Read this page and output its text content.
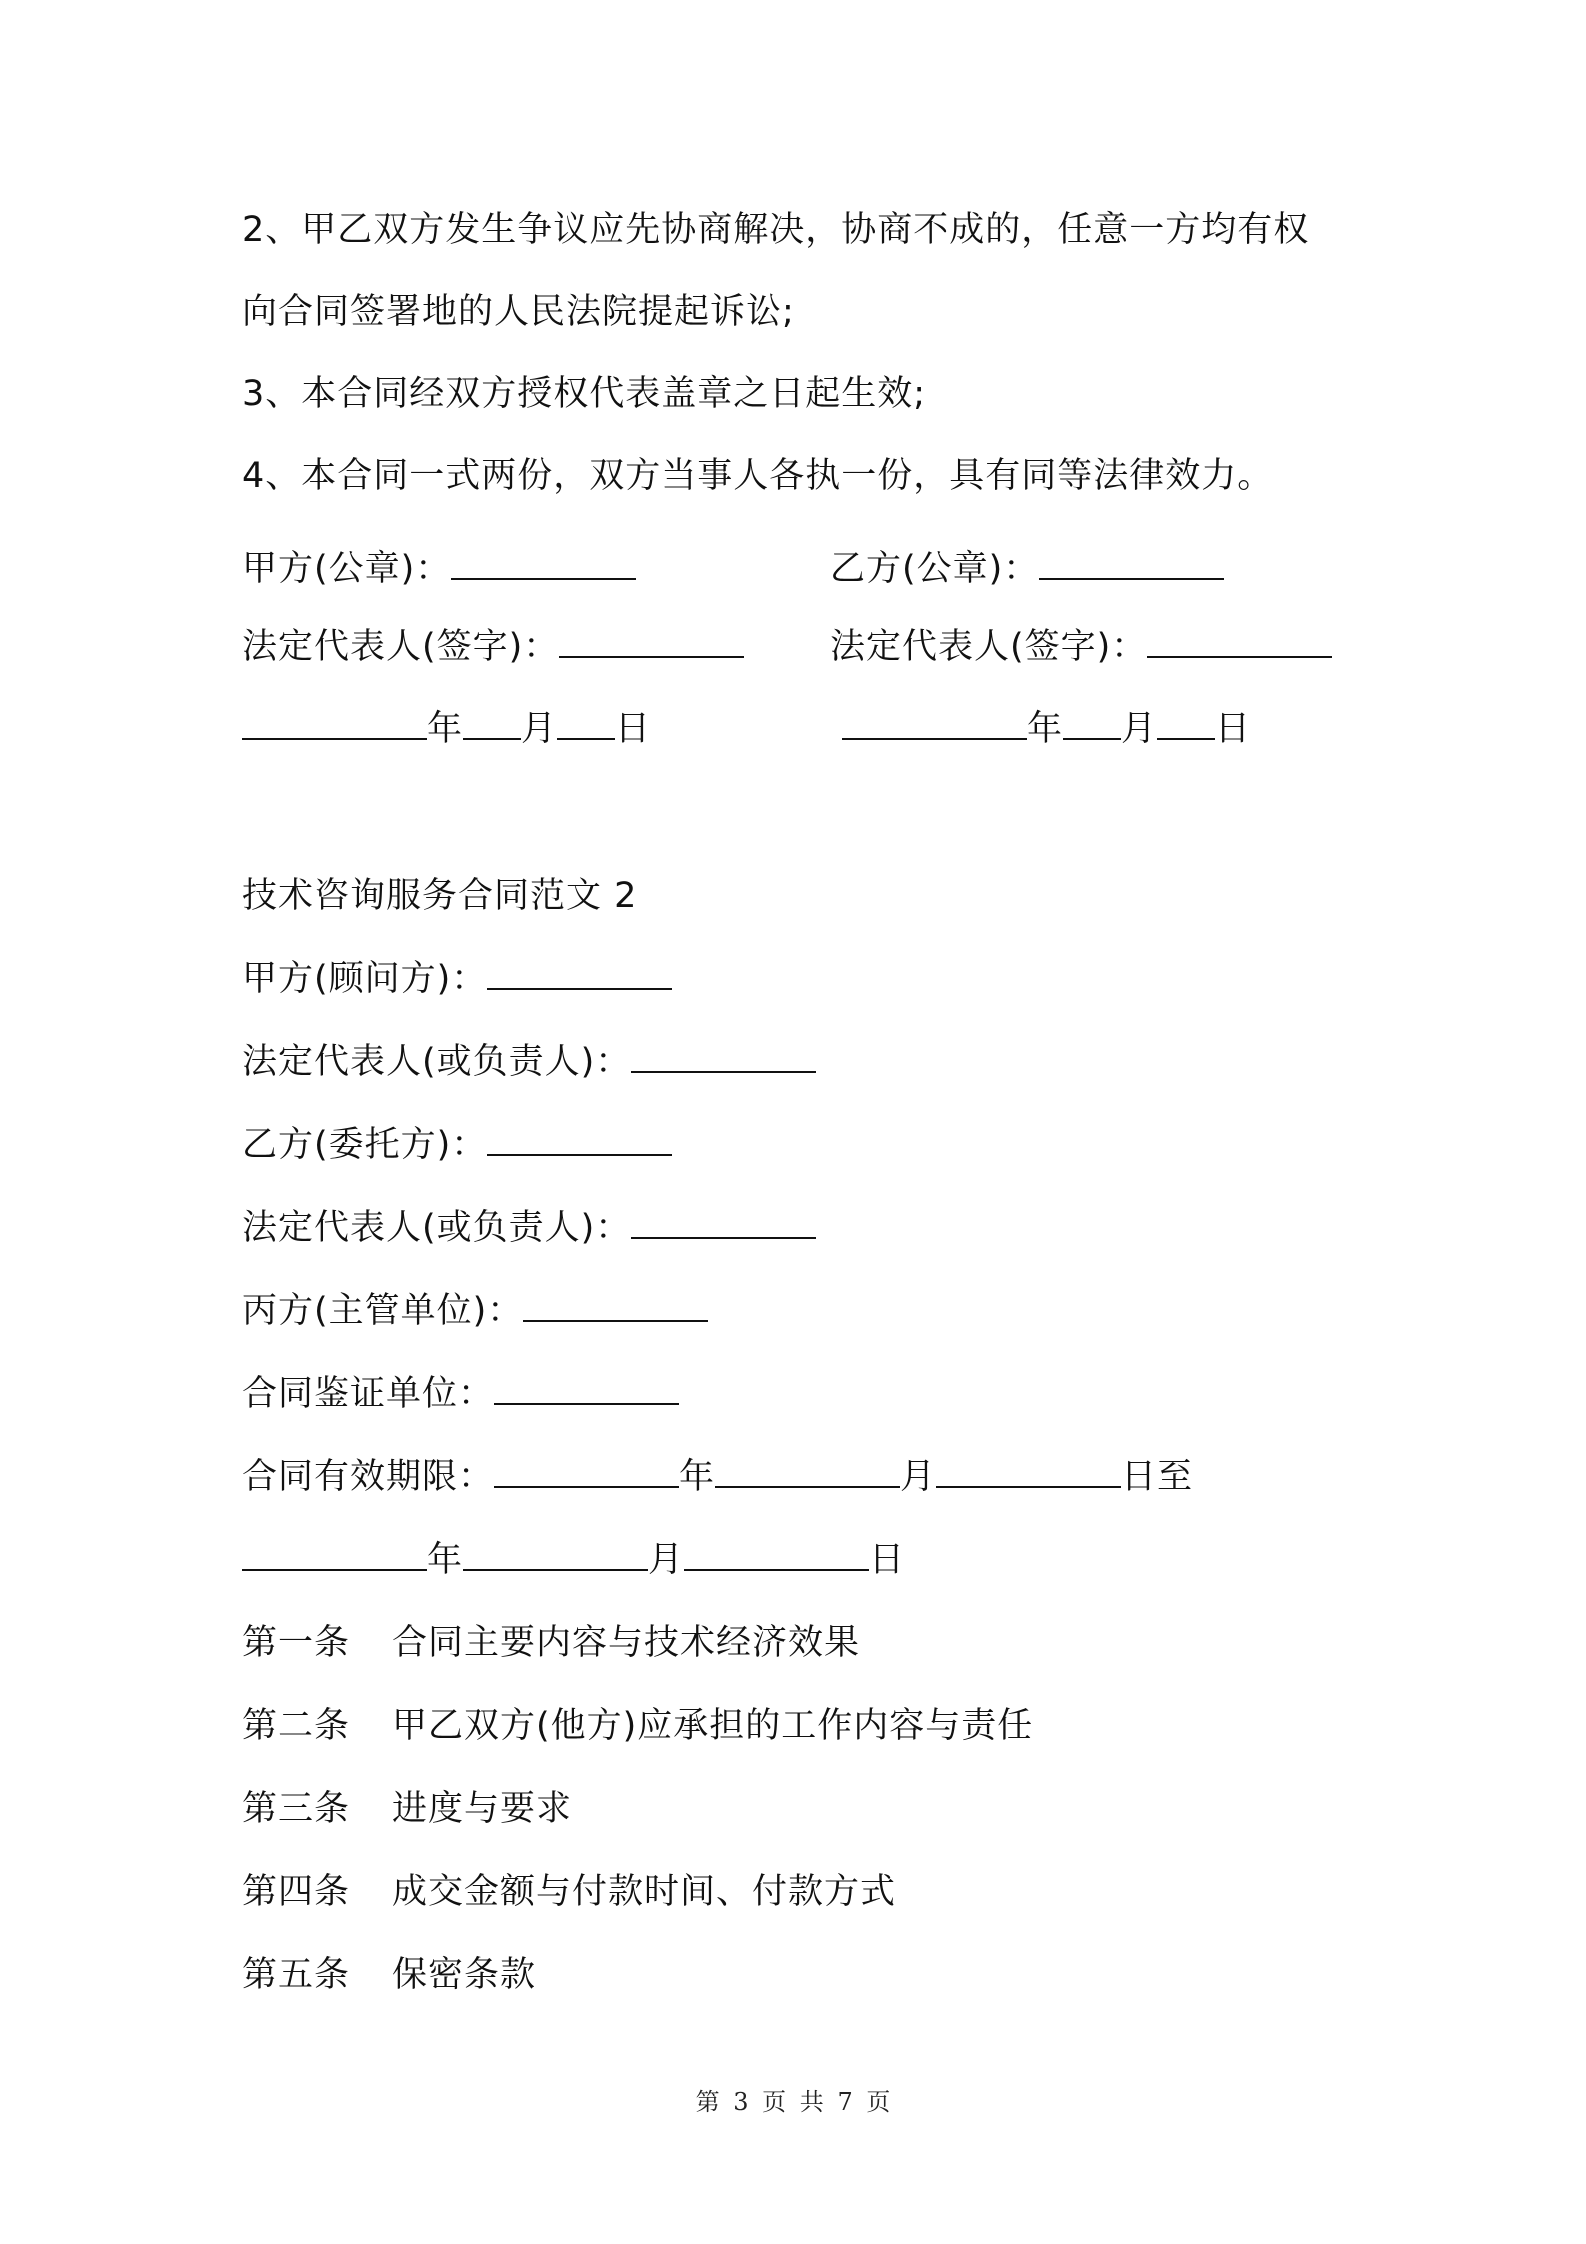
2、甲乙双方发生争议应先协商解决，协商不成的，任意一方均有权
向合同签署地的人民法院提起诉讼;
3、本合同经双方授权代表盖章之日起生效;
4、本合同一式两份，双方当事人各执一份，具有同等法律效力。
甲方(公章)：	乙方(公章)：
法定代表人(签字)：	法定代表人(签字)：
年 月 日	年 月 日
技术咨询服务合同范文 2
甲方(顾问方)：
法定代表人(或负责人)：
乙方(委托方)：
法定代表人(或负责人)：
丙方(主管单位)：
合同鉴证单位：
合同有效期限：	年	月	日至
年	月	日
第一条 合同主要内容与技术经济效果
第二条 甲乙双方(他方)应承担的工作内容与责任
第三条 进度与要求
第四条 成交金额与付款时间、付款方式
第五条 保密条款
第 3 页 共 7 页
